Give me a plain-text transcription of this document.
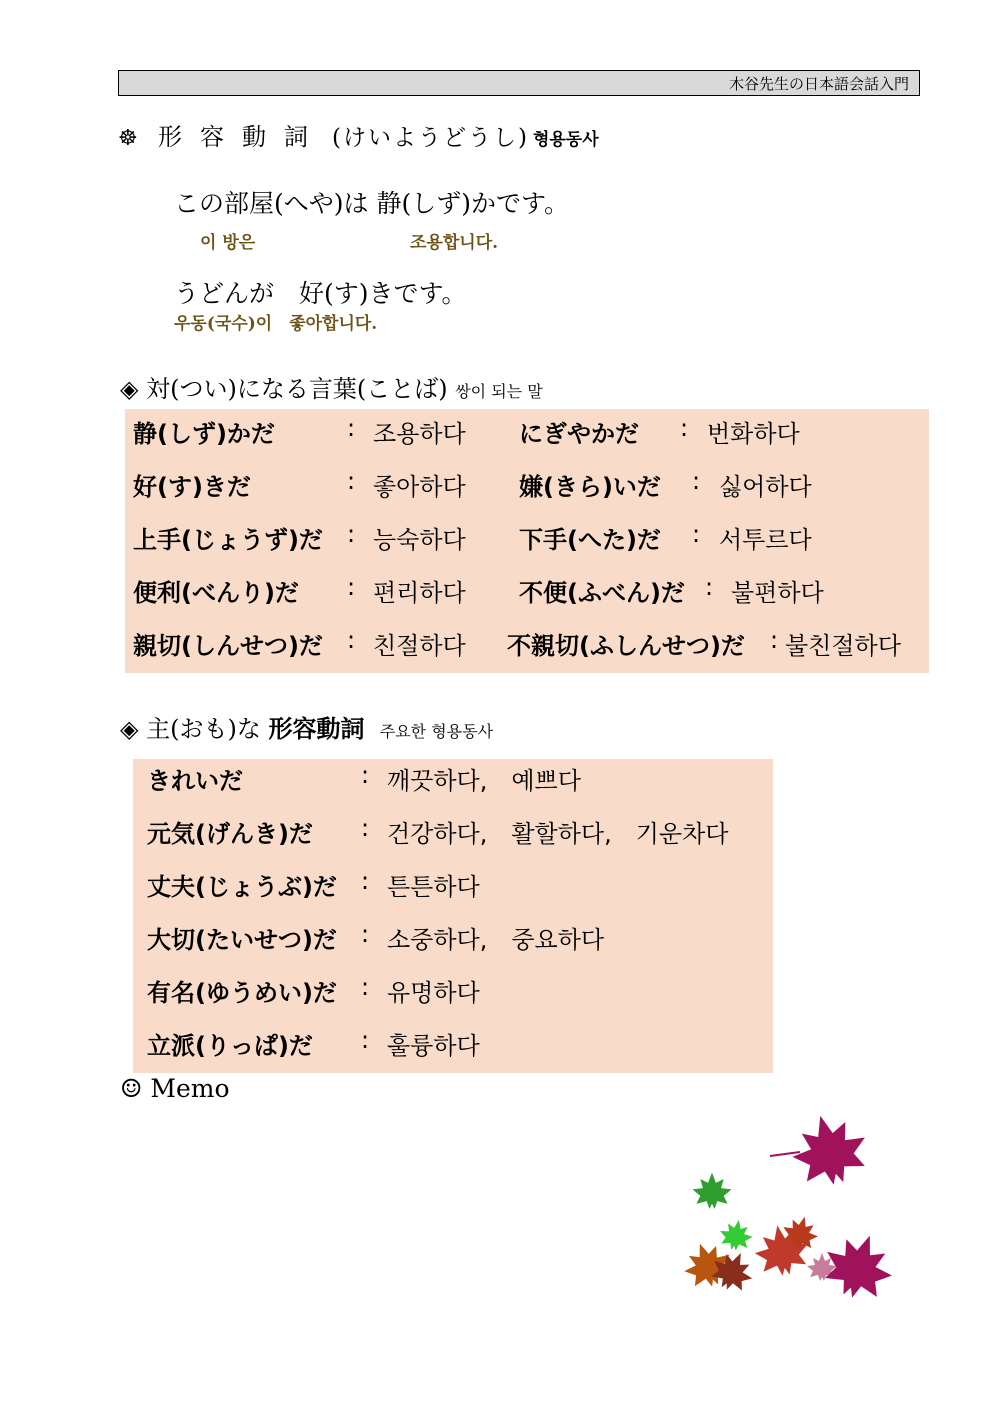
木谷先生の日本語会話入門
☸ 形容動詞 (けいようどうし) 형용동사
この部屋(へや)は 静(しず)かです。
이 방은	조용합니다.
うどんが　好(す)きです。
우동(국수)이　좋아합니다.
◈ 対(つい)になる言葉(ことば) 쌍이 되는 말
静(しず)かだ	: 조용하다 にぎやかだ : 번화하다
好(す)きだ	: 좋아하다 嫌(きら)いだ : 싫어하다
上手(じょうず)だ : 능숙하다 下手(へた)だ : 서투르다
便利(べんり)だ : 편리하다 不便(ふべん)だ : 불편하다
親切(しんせつ)だ : 친절하다 不親切(ふしんせつ)だ : 불친절하다
◈ 主(おも)な 形容動詞 주요한 형용동사
きれいだ	: 깨끗하다,　예쁘다
元気(げんき)だ : 건강하다,　활할하다,　기운차다
丈夫(じょうぶ)だ : 튼튼하다
大切(たいせつ)だ : 소중하다,　중요하다
有名(ゆうめい)だ : 유명하다
立派(りっぱ)だ : 훌륭하다
☺ Memo
